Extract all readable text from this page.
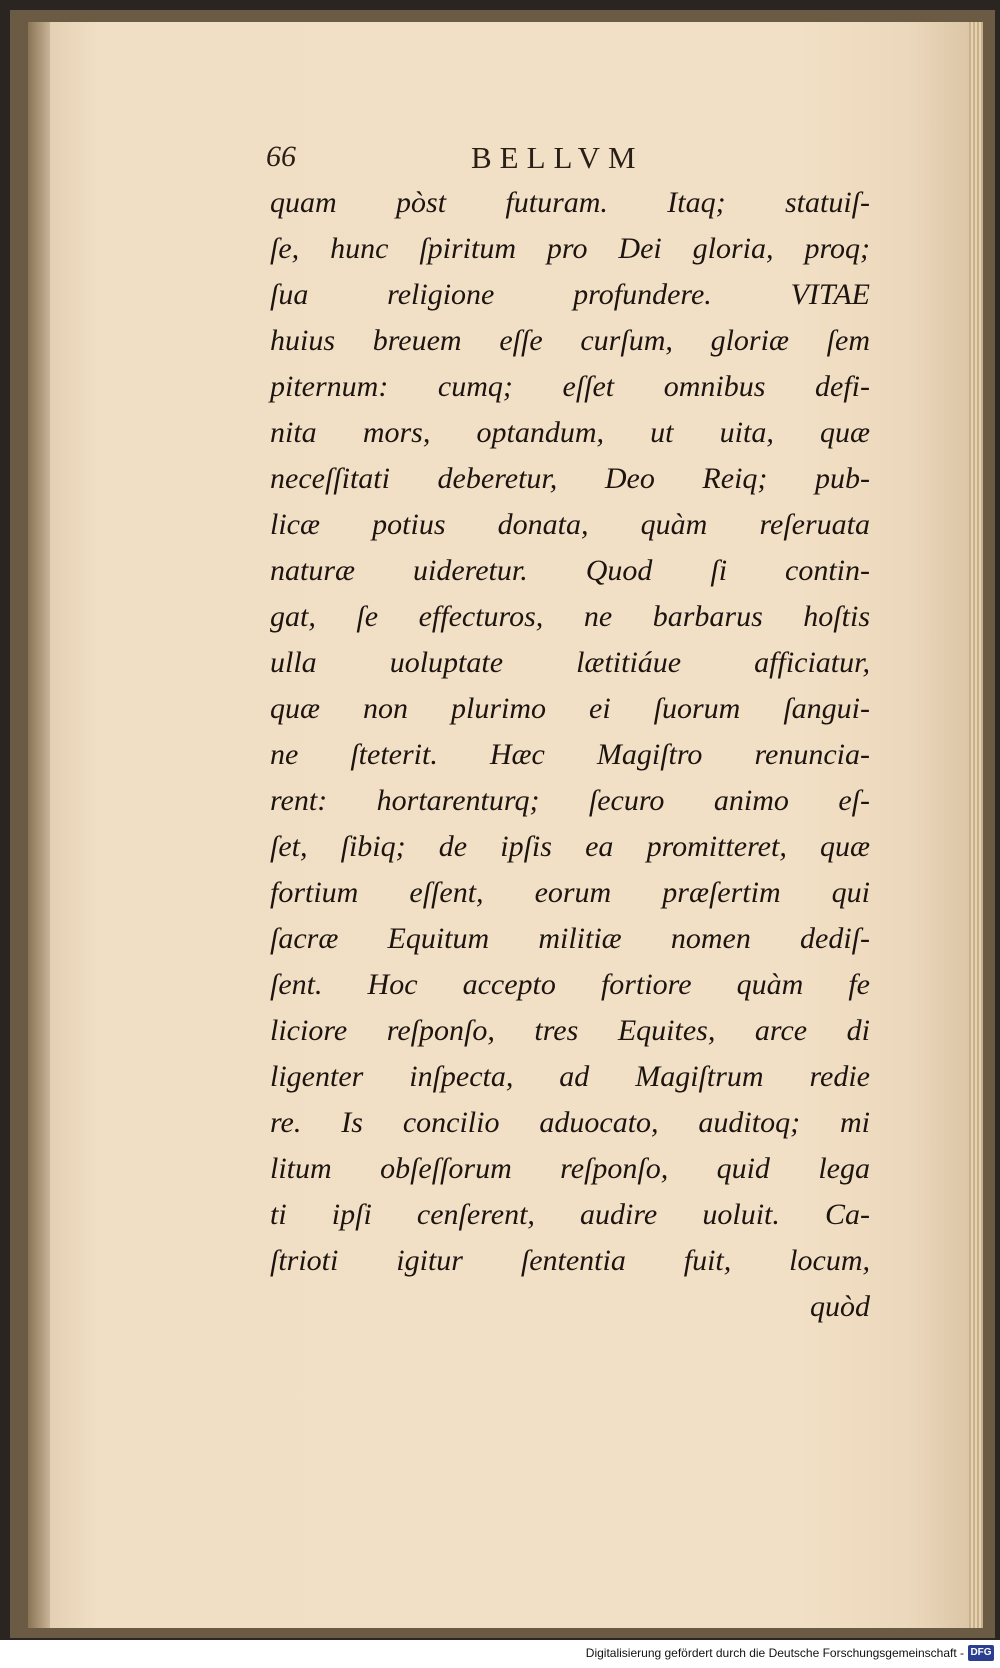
66	BELLVM
quam pòst futuram. Itaq; statuiſ-
ſe, hunc ſpiritum pro Dei gloria, proq;
ſua religione profundere. VITAE
huius breuem eſſe curſum, gloriæ ſem
piternum: cumq; eſſet omnibus defi-
nita mors, optandum, ut uita, quæ
neceſſitati deberetur, Deo Reiq; pub-
licæ potius donata, quàm reſeruata
naturæ uideretur. Quod ſi contin-
gat, ſe effecturos, ne barbarus hoſtis
ulla uoluptate lætitiáue afficiatur,
quæ non plurimo ei ſuorum ſangui-
ne ſteterit. Hæc Magiſtro renuncia-
rent: hortarenturq; ſecuro animo eſ-
ſet, ſibiq; de ipſis ea promitteret, quæ
fortium eſſent, eorum præſertim qui
ſacræ Equitum militiæ nomen dediſ-
ſent. Hoc accepto fortiore quàm fe
liciore reſponſo, tres Equites, arce di
ligenter inſpecta, ad Magiſtrum redie
re. Is concilio aduocato, auditoq; mi
litum obſeſſorum reſponſo, quid lega
ti ipſi cenſerent, audire uoluit. Ca-
ſtrioti igitur ſententia fuit, locum,
quòd
Digitalisierung gefördert durch die Deutsche Forschungsgemeinschaft - DFG
